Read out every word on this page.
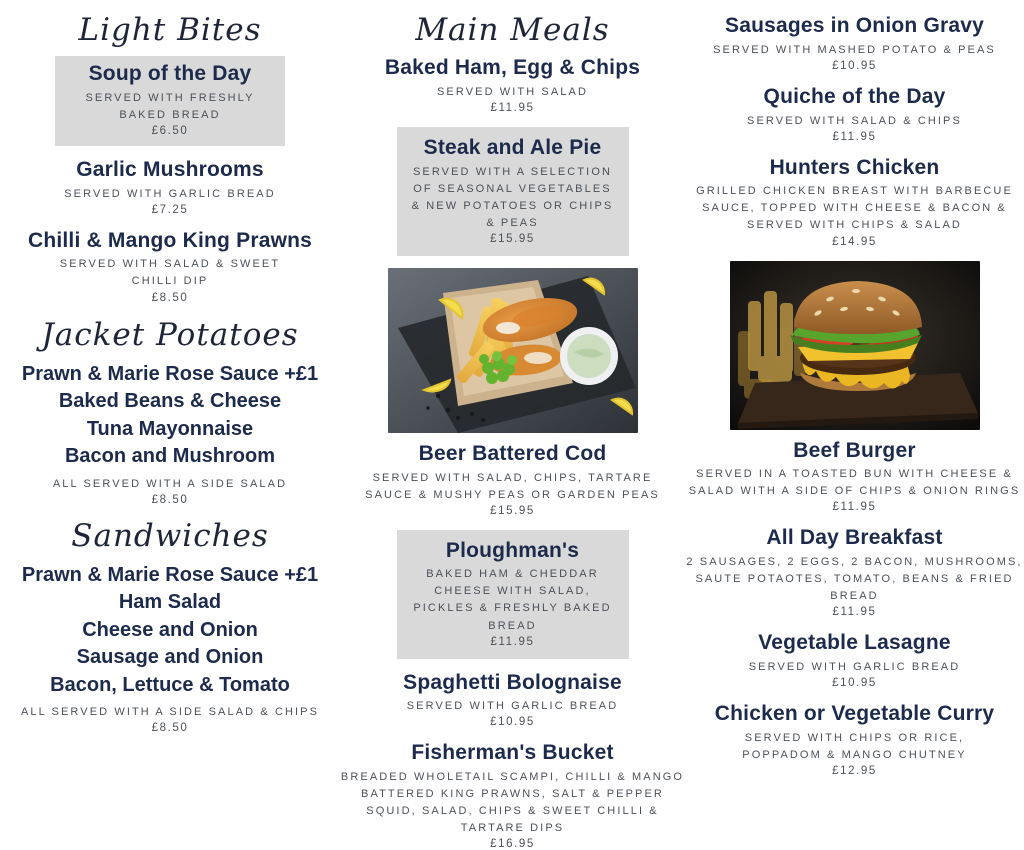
Light Bites
Soup of the Day
SERVED WITH FRESHLY BAKED BREAD
£6.50
Garlic Mushrooms
SERVED WITH GARLIC BREAD
£7.25
Chilli & Mango King Prawns
SERVED WITH SALAD & SWEET CHILLI DIP
£8.50
Jacket Potatoes
Prawn & Marie Rose Sauce +£1
Baked Beans & Cheese
Tuna Mayonnaise
Bacon and Mushroom
ALL SERVED WITH A SIDE SALAD
£8.50
Sandwiches
Prawn & Marie Rose Sauce +£1
Ham Salad
Cheese and Onion
Sausage and Onion
Bacon, Lettuce & Tomato
ALL SERVED WITH A SIDE SALAD & CHIPS
£8.50
Main Meals
Baked Ham, Egg & Chips
SERVED WITH SALAD
£11.95
Steak and Ale Pie
SERVED WITH A SELECTION OF SEASONAL VEGETABLES & NEW POTATOES OR CHIPS & PEAS
£15.95
Beer Battered Cod
SERVED WITH SALAD, CHIPS, TARTARE SAUCE & MUSHY PEAS OR GARDEN PEAS
£15.95
Ploughman's
BAKED HAM & CHEDDAR CHEESE WITH SALAD, PICKLES & FRESHLY BAKED BREAD
£11.95
Spaghetti Bolognaise
SERVED WITH GARLIC BREAD
£10.95
Fisherman's Bucket
BREADED WHOLETAIL SCAMPI, CHILLI & MANGO BATTERED KING PRAWNS, SALT & PEPPER SQUID, SALAD, CHIPS & SWEET CHILLI & TARTARE DIPS
£16.95
Sausages in Onion Gravy
SERVED WITH MASHED POTATO & PEAS
£10.95
Quiche of the Day
SERVED WITH SALAD & CHIPS
£11.95
Hunters Chicken
GRILLED CHICKEN BREAST WITH BARBECUE SAUCE, TOPPED WITH CHEESE & BACON & SERVED WITH CHIPS & SALAD
£14.95
Beef Burger
SERVED IN A TOASTED BUN WITH CHEESE & SALAD WITH A SIDE OF CHIPS & ONION RINGS
£11.95
All Day Breakfast
2 SAUSAGES, 2 EGGS, 2 BACON, MUSHROOMS, SAUTE POTAOTES, TOMATO, BEANS & FRIED BREAD
£11.95
Vegetable Lasagne
SERVED WITH GARLIC BREAD
£10.95
Chicken or Vegetable Curry
SERVED WITH CHIPS OR RICE, POPPADOM & MANGO CHUTNEY
£12.95
